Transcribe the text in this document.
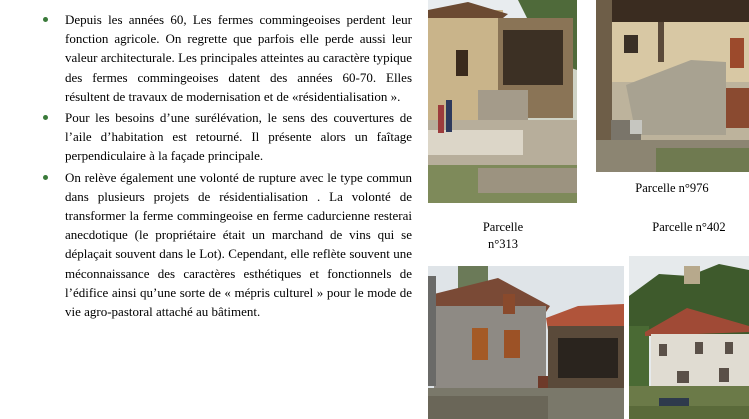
Depuis les années 60, Les fermes commingeoises perdent leur fonction agricole. On regrette que parfois elle perde aussi leur valeur architecturale. Les principales atteintes au caractère typique des fermes commingeoises datent des années 60-70. Elles résultent de travaux de modernisation et de «résidentialisation ».
Pour les besoins d’une surélévation, le sens des couvertures de l’aile d’habitation est retourné. Il présente alors un faîtage perpendiculaire à la façade principale.
On relève également une volonté de rupture avec le type commun dans plusieurs projets de résidentialisation . La volonté de transformer la ferme commingeoise en ferme cadurcienne resterai anecdotique (le propriétaire était un marchand de vins qui se déplaçait souvent dans le Lot). Cependant, elle reflète souvent une méconnaissance des caractères esthétiques et fonctionnels de l’édifice ainsi qu’une sorte de « mépris culturel » pour le mode de vie agro-pastoral attaché au bâtiment.
Parcelle n°976
Parcelle
n°313
Parcelle n°402
